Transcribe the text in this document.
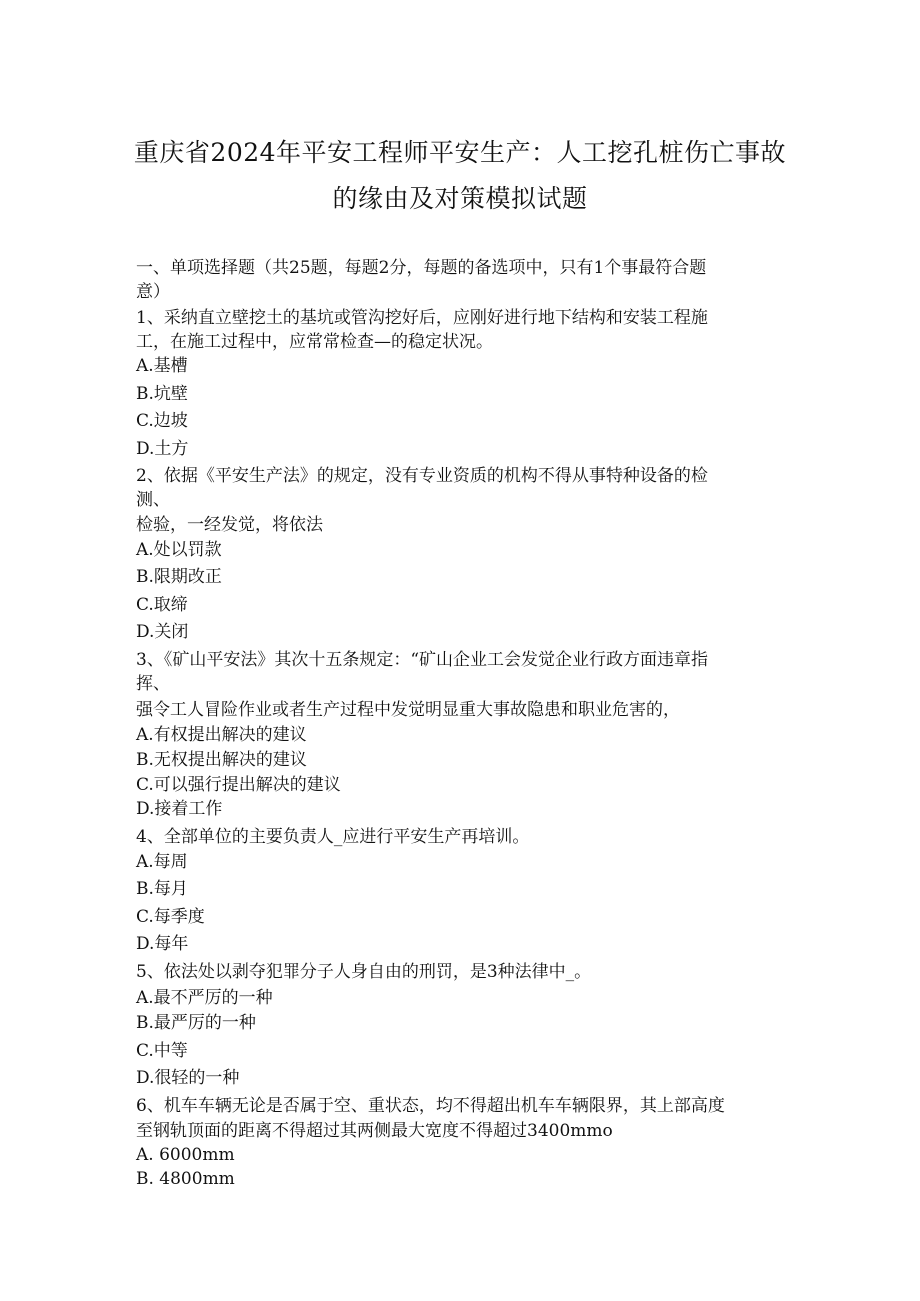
重庆省2024年平安工程师平安生产：人工挖孔桩伤亡事故
的缘由及对策模拟试题
一、单项选择题（共25题，每题2分，每题的备选项中，只有1个事最符合题
意）
1、采纳直立壁挖土的基坑或管沟挖好后，应刚好进行地下结构和安装工程施
工，在施工过程中，应常常检查—的稳定状况。
A.基槽
B.坑壁
C.边坡
D.土方
2、依据《平安生产法》的规定，没有专业资质的机构不得从事特种设备的检
测、
检验，一经发觉，将依法
A.处以罚款
B.限期改正
C.取缔
D.关闭
3、《矿山平安法》其次十五条规定：“矿山企业工会发觉企业行政方面违章指
挥、
强令工人冒险作业或者生产过程中发觉明显重大事故隐患和职业危害的，
A.有权提出解决的建议
B.无权提出解决的建议
C.可以强行提出解决的建议
D.接着工作
4、全部单位的主要负责人_应进行平安生产再培训。
A.每周
B.每月
C.每季度
D.每年
5、依法处以剥夺犯罪分子人身自由的刑罚，是3种法律中_。
A.最不严厉的一种
B.最严厉的一种
C.中等
D.很轻的一种
6、机车车辆无论是否属于空、重状态，均不得超出机车车辆限界，其上部高度
至钢轨顶面的距离不得超过其两侧最大宽度不得超过3400mmo
A. 6000mm
B. 4800mm
